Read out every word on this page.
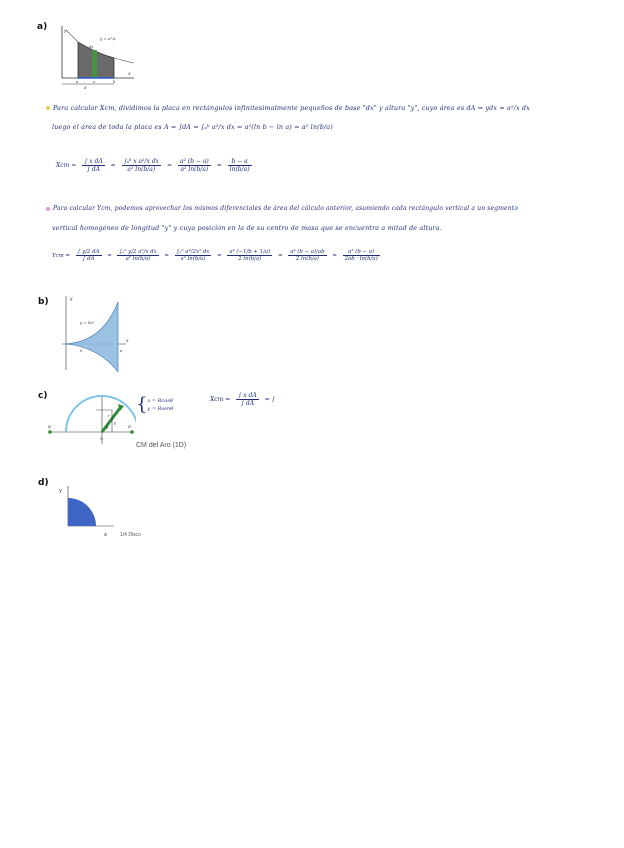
a)	y
x
y = a²/x
dx
x
a	b
d
Para calcular Xcm, dividimos la placa en rectángulos infinitesimalmente pequeños de base "dx" y altura "y", cuyo área es dA = ydx = a²/x dx
luego el área de toda la placa es A = ∫dA = ∫ₐᵇ a²/x dx = a²(ln b − ln a) = a² ln(b/a)
Xcm = $\frac{\text{∫ x dA}}{\int dA} = \frac{\text{∫ₐᵇ x a²/x dx}}{\text{a² ln(b/a)}} = \frac{\text{a² (b − a)}}{\text{a² ln(b/a)}} = \frac{b - a}{\ln(b/a)}$
Para calcular Ycm, podemos aprovechar los mismos diferenciales de área del cálculo anterior, asumiendo cada rectángulo vertical a un segmento
vertical homogéneo de longitud "y" y cuya posición en la de su centro de masa que se encuentra a mitad de altura.
Ycm = $\frac{\int y/2 dA}{\int dA} = \frac{\text{∫ₐᵇ y/2 a²/x dx}}{\text{a² ln(b/a)}} = \frac{\text{∫ₐᵇ a⁴/2x² dx}}{\text{a² ln(b/a)}} = \frac{\text{a⁴ (−1/b + 1/a)}}{2 \ln(b/a)} = \frac{\text{a⁴ (b − a)/ab}}{2 \ln(b/a)} = \frac{\text{a² (b − a)}}{2ab \cdot \ln(b/a)}$
b)	y
x
y = kx²
0	a
c)
R	R
O
θ
r
y
{ x = Rcosθ
y = Rsenθ
Xcm = $\frac{\text{∫ x dA}}{\int dA}$ = ∫
CM del Aro (1D)
d)
y
x	1/4 Disco
